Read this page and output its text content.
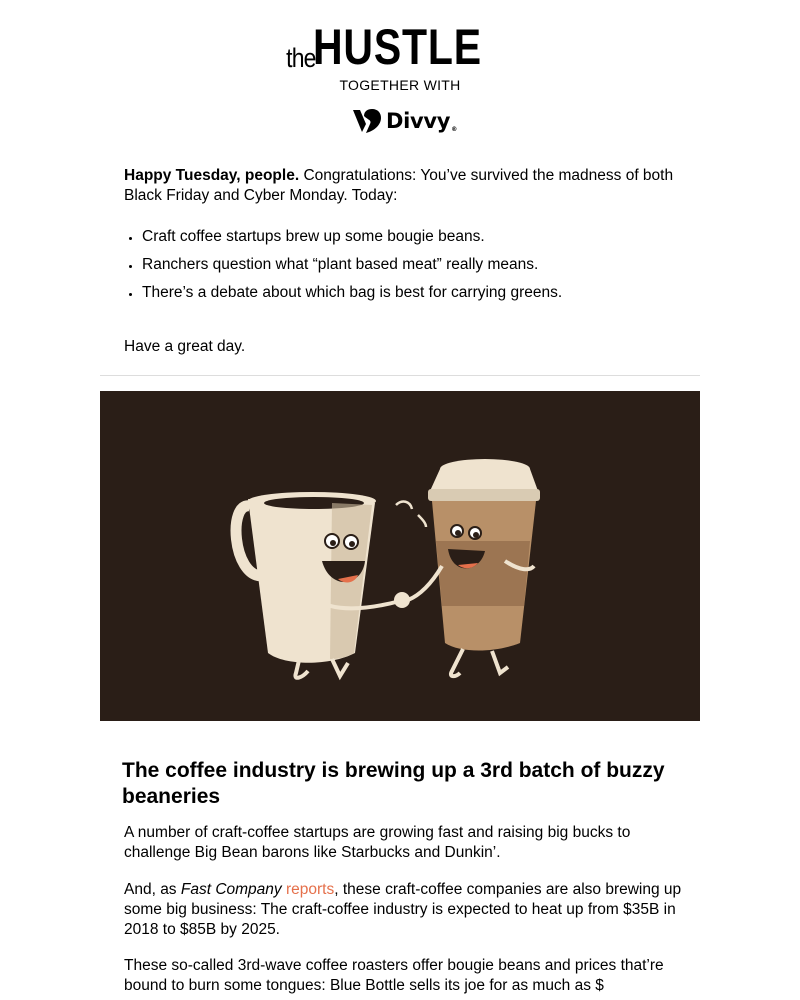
theHUSTLE
TOGETHER WITH
Divvy®

Happy Tuesday, people. Congratulations: You’ve survived the madness of both Black Friday and Cyber Monday. Today:

Craft coffee startups brew up some bougie beans.
Ranchers question what “plant based meat” really means.
There’s a debate about which bag is best for carrying greens.
Have a great day.
The coffee industry is brewing up a 3rd batch of buzzy beaneries

A number of craft-coffee startups are growing fast and raising big bucks to challenge Big Bean barons like Starbucks and Dunkin’.

And, as Fast Company reports, these craft-coffee companies are also brewing up some big business: The craft-coffee industry is expected to heat up from $35B in 2018 to $85B by 2025.

These so-called 3rd-wave coffee roasters offer bougie beans and prices that’re bound to burn some tongues: Blue Bottle sells its joe for as much as $
